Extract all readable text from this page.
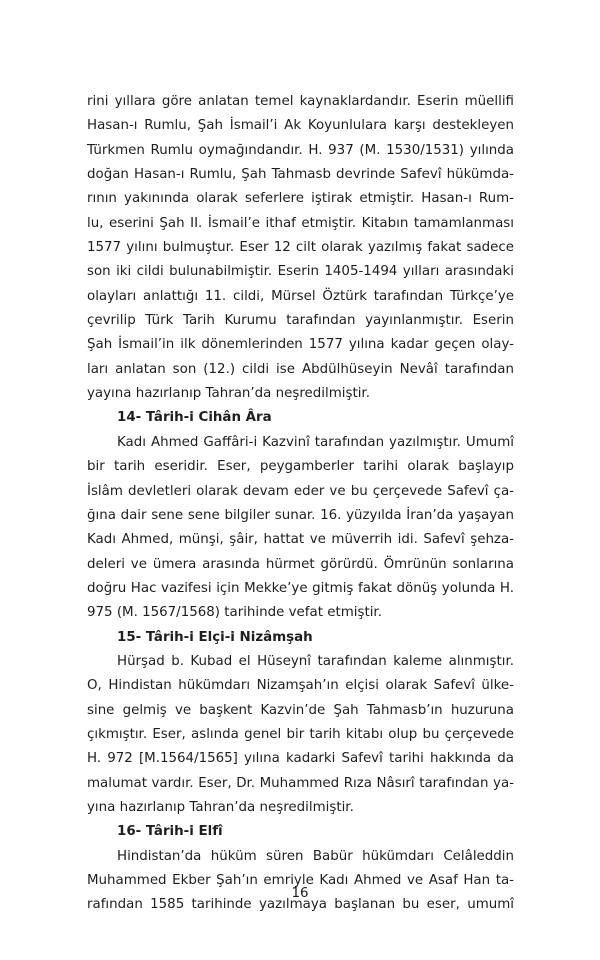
rini yıllara göre anlatan temel kaynaklardandır. Eserin müellifi
Hasan-ı Rumlu, Şah İsmail’i Ak Koyunlulara karşı destekleyen
Türkmen Rumlu oymağındandır. H. 937 (M. 1530/1531) yılında
doğan Hasan-ı Rumlu, Şah Tahmasb devrinde Safevî hükümda-
rının yakınında olarak seferlere iştirak etmiştir. Hasan-ı Rum-
lu, eserini Şah II. İsmail’e ithaf etmiştir. Kitabın tamamlanması
1577 yılını bulmuştur. Eser 12 cilt olarak yazılmış fakat sadece
son iki cildi bulunabilmiştir. Eserin 1405-1494 yılları arasındaki
olayları anlattığı 11. cildi, Mürsel Öztürk tarafından Türkçe’ye
çevrilip Türk Tarih Kurumu tarafından yayınlanmıştır. Eserin
Şah İsmail’in ilk dönemlerinden 1577 yılına kadar geçen olay-
ları anlatan son (12.) cildi ise Abdülhüseyin Nevâî tarafından
yayına hazırlanıp Tahran’da neşredilmiştir.
14- Târih-i Cihân Âra
Kadı Ahmed Gaffâri-i Kazvinî tarafından yazılmıştır. Umumî
bir tarih eseridir. Eser, peygamberler tarihi olarak başlayıp
İslâm devletleri olarak devam eder ve bu çerçevede Safevî ça-
ğına dair sene sene bilgiler sunar. 16. yüzyılda İran’da yaşayan
Kadı Ahmed, münşi, şâir, hattat ve müverrih idi. Safevî şehza-
deleri ve ümera arasında hürmet görürdü. Ömrünün sonlarına
doğru Hac vazifesi için Mekke’ye gitmiş fakat dönüş yolunda H.
975 (M. 1567/1568) tarihinde vefat etmiştir.
15- Târih-i Elçi-i Nizâmşah
Hürşad b. Kubad el Hüseynî tarafından kaleme alınmıştır.
O, Hindistan hükümdarı Nizamşah’ın elçisi olarak Safevî ülke-
sine gelmiş ve başkent Kazvin’de Şah Tahmasb’ın huzuruna
çıkmıştır. Eser, aslında genel bir tarih kitabı olup bu çerçevede
H. 972 [M.1564/1565] yılına kadarki Safevî tarihi hakkında da
malumat vardır. Eser, Dr. Muhammed Rıza Nâsırî tarafından ya-
yına hazırlanıp Tahran’da neşredilmiştir.
16- Târih-i Elfî
Hindistan’da hüküm süren Babür hükümdarı Celâleddin
Muhammed Ekber Şah’ın emriyle Kadı Ahmed ve Asaf Han ta-
rafından 1585 tarihinde yazılmaya başlanan bu eser, umumî
16
